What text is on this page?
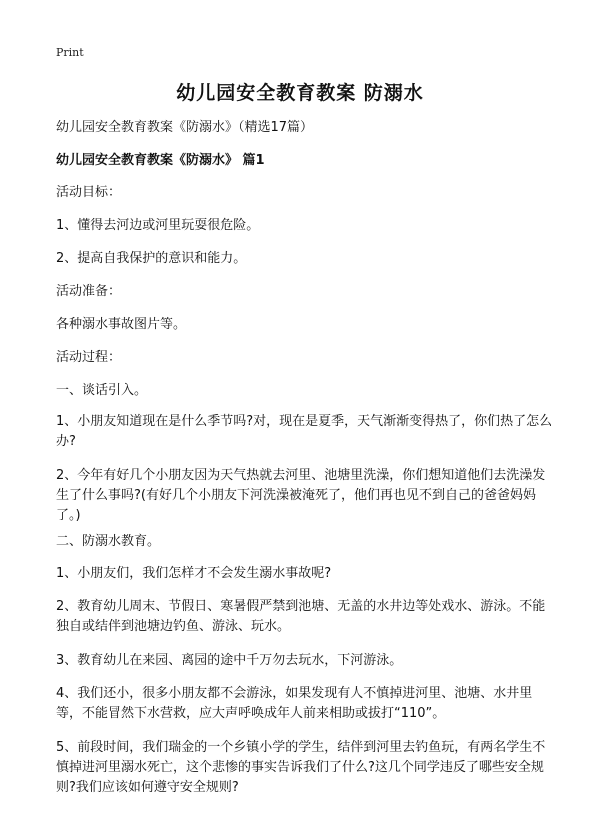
Print
幼儿园安全教育教案 防溺水
幼儿园安全教育教案《防溺水》（精选17篇）
幼儿园安全教育教案《防溺水》 篇1
活动目标：
1、懂得去河边或河里玩耍很危险。
2、提高自我保护的意识和能力。
活动准备：
各种溺水事故图片等。
活动过程：
一、谈话引入。
1、小朋友知道现在是什么季节吗?对，现在是夏季，天气渐渐变得热了，你们热了怎么办?
2、今年有好几个小朋友因为天气热就去河里、池塘里洗澡，你们想知道他们去洗澡发生了什么事吗?(有好几个小朋友下河洗澡被淹死了，他们再也见不到自己的爸爸妈妈了。)
二、防溺水教育。
1、小朋友们，我们怎样才不会发生溺水事故呢?
2、教育幼儿周末、节假日、寒暑假严禁到池塘、无盖的水井边等处戏水、游泳。不能独自或结伴到池塘边钓鱼、游泳、玩水。
3、教育幼儿在来园、离园的途中千万勿去玩水，下河游泳。
4、我们还小，很多小朋友都不会游泳，如果发现有人不慎掉进河里、池塘、水井里等，不能冒然下水营救，应大声呼唤成年人前来相助或拔打“110”。
5、前段时间，我们瑞金的一个乡镇小学的学生，结伴到河里去钓鱼玩，有两名学生不慎掉进河里溺水死亡，这个悲惨的事实告诉我们了什么?这几个同学违反了哪些安全规则?我们应该如何遵守安全规则?
